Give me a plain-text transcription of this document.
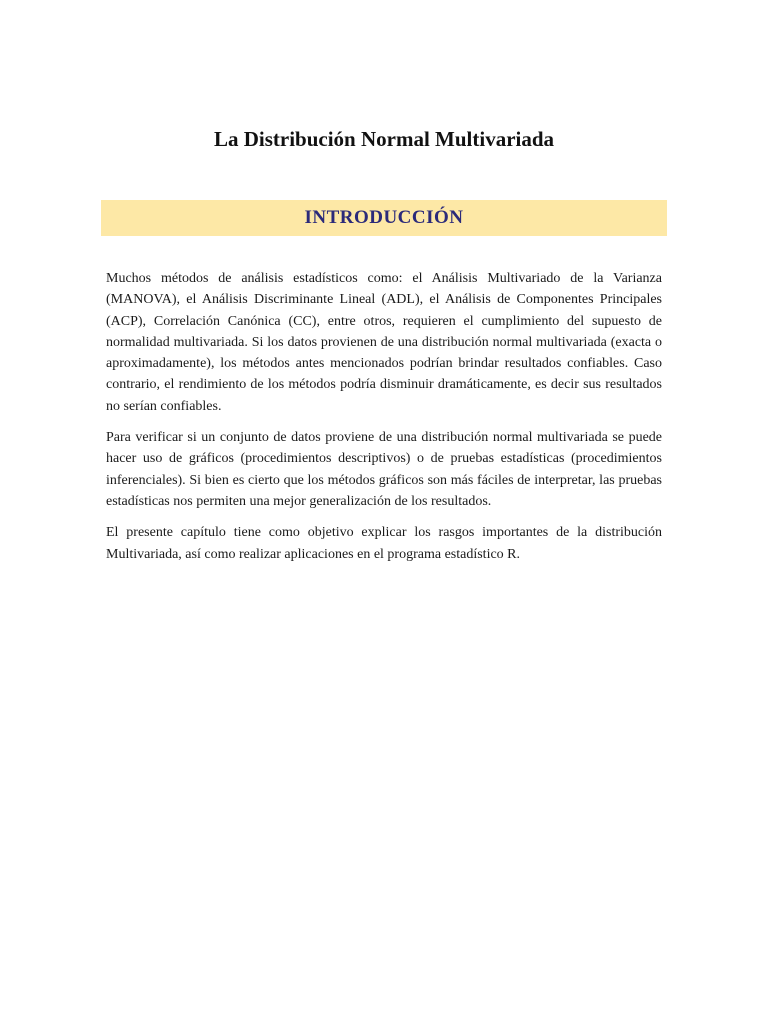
La Distribución Normal Multivariada
INTRODUCCIÓN

Muchos métodos de análisis estadísticos como: el Análisis Multivariado de la Varianza (MANOVA), el Análisis Discriminante Lineal (ADL), el Análisis de Componentes Principales (ACP), Correlación Canónica (CC), entre otros, requieren el cumplimiento del supuesto de normalidad multivariada. Si los datos provienen de una distribución normal multivariada (exacta o aproximadamente), los métodos antes mencionados podrían brindar resultados confiables. Caso contrario, el rendimiento de los métodos podría disminuir dramáticamente, es decir sus resultados no serían confiables.

Para verificar si un conjunto de datos proviene de una distribución normal multivariada se puede hacer uso de gráficos (procedimientos descriptivos) o de pruebas estadísticas (procedimientos inferenciales). Si bien es cierto que los métodos gráficos son más fáciles de interpretar, las pruebas estadísticas nos permiten una mejor generalización de los resultados.

El presente capítulo tiene como objetivo explicar los rasgos importantes de la distribución Multivariada, así como realizar aplicaciones en el programa estadístico R.
